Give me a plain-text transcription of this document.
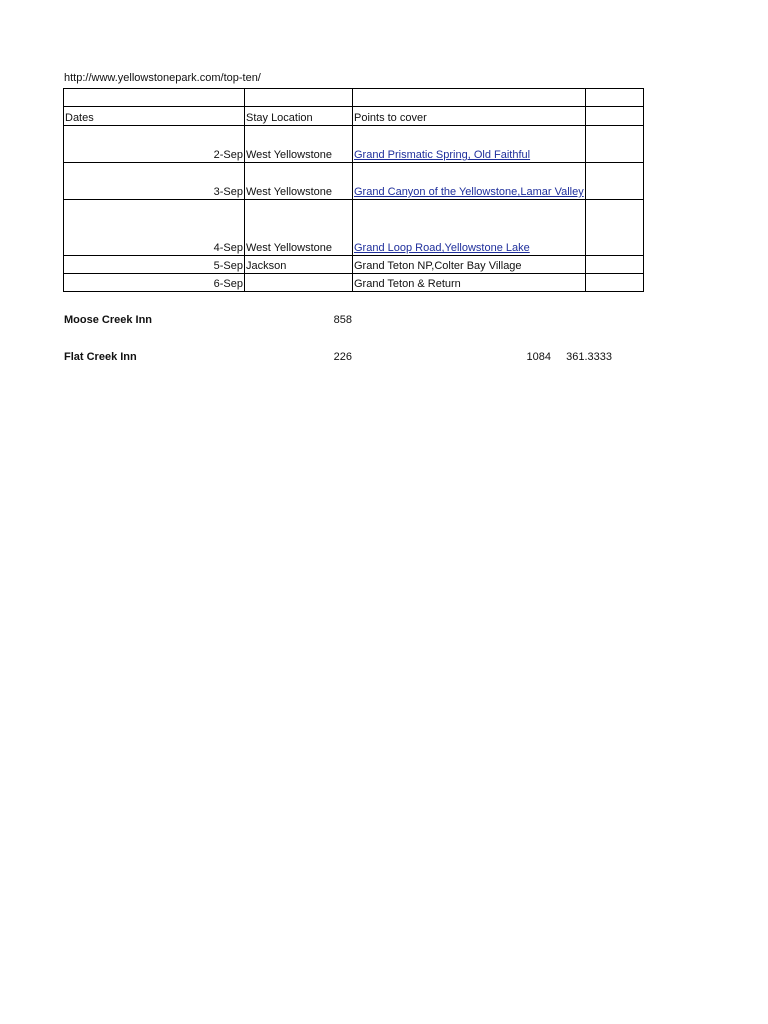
http://www.yellowstonepark.com/top-ten/

Dates	Stay Location	Points to cover	
2-Sep	West Yellowstone	Grand Prismatic Spring, Old Faithful	
3-Sep	West Yellowstone	Grand Canyon of the Yellowstone,Lamar Valley	
4-Sep	West Yellowstone	Grand Loop Road,Yellowstone Lake	
5-Sep	Jackson	Grand Teton NP,Colter Bay Village	
6-Sep		Grand Teton & Return	
Moose Creek Inn	858
Flat Creek Inn	226	1084	361.3333
